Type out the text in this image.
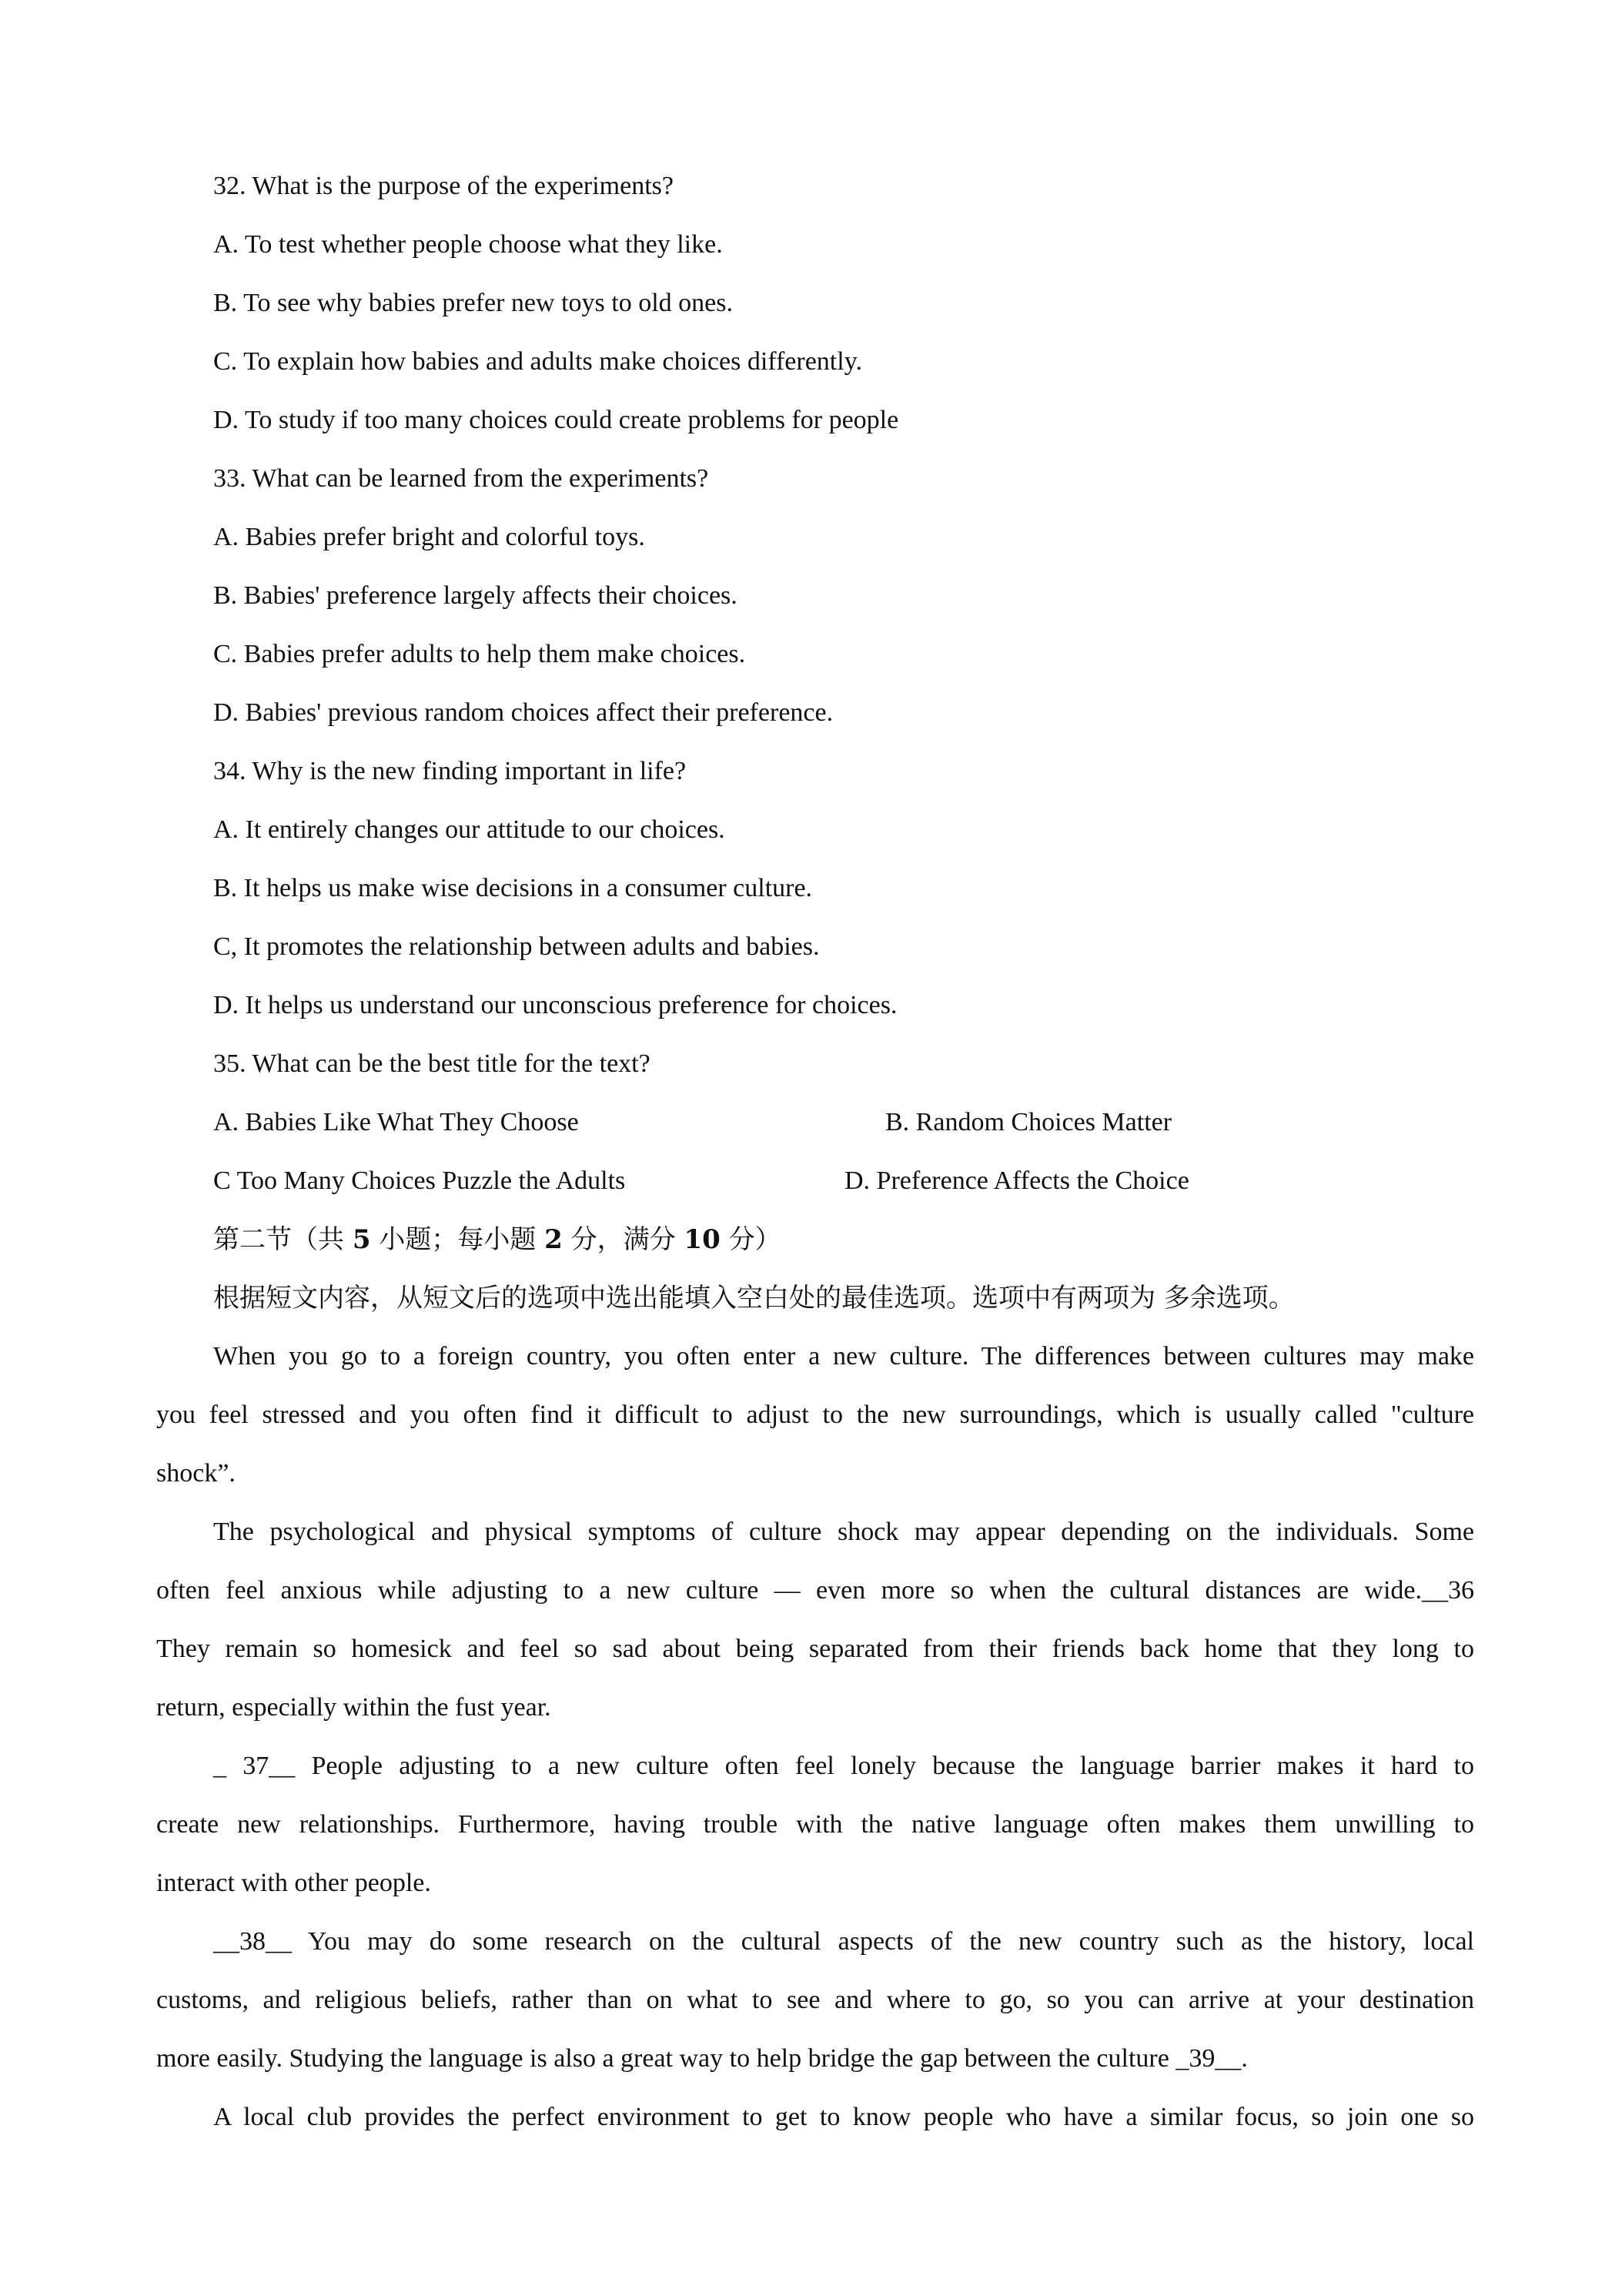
32. What is the purpose of the experiments?
A. To test whether people choose what they like.
B. To see why babies prefer new toys to old ones.
C. To explain how babies and adults make choices differently.
D. To study if too many choices could create problems for people
33. What can be learned from the experiments?
A. Babies prefer bright and colorful toys.
B. Babies' preference largely affects their choices.
C. Babies prefer adults to help them make choices.
D. Babies' previous random choices affect their preference.
34. Why is the new finding important in life?
A. It entirely changes our attitude to our choices.
B. It helps us make wise decisions in a consumer culture.
C, It promotes the relationship between adults and babies.
D. It helps us understand our unconscious preference for choices.
35. What can be the best title for the text?
A. Babies Like What They Choose	B. Random Choices Matter
C Too Many Choices Puzzle the Adults	D. Preference Affects the Choice
第二节（共 5 小题；每小题 2 分，满分 10 分）
根据短文内容，从短文后的选项中选出能填入空白处的最佳选项。选项中有两项为 多余选项。
When you go to a foreign country, you often enter a new culture. The differences between cultures may make
you feel stressed and you often find it difficult to adjust to the new surroundings, which is usually called "culture
shock”.
The psychological and physical symptoms of culture shock may appear depending on the individuals. Some
often feel anxious while adjusting to a new culture — even more so when the cultural distances are wide.__36
They remain so homesick and feel so sad about being separated from their friends back home that they long to
return, especially within the fust year.
_ 37__ People adjusting to a new culture often feel lonely because the language barrier makes it hard to
create new relationships. Furthermore, having trouble with the native language often makes them unwilling to
interact with other people.
__38__ You may do some research on the cultural aspects of the new country such as the history, local
customs, and religious beliefs, rather than on what to see and where to go, so you can arrive at your destination
more easily. Studying the language is also a great way to help bridge the gap between the culture _39__.
A local club provides the perfect environment to get to know people who have a similar focus, so join one so
